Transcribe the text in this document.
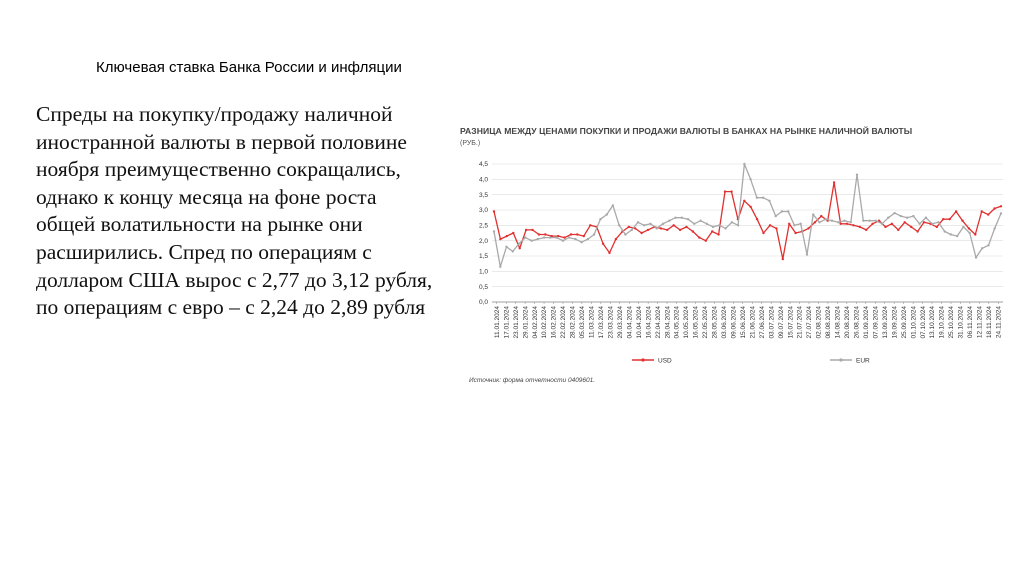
Ключевая ставка Банка России и инфляции
Спреды на покупку/продажу наличной иностранной валюты в первой половине ноября преимущественно сокращались, однако к концу месяца на фоне роста общей волатильности на рынке они расширились. Спред по операциям с долларом США вырос с 2,77 до 3,12 рубля, по операциям с евро – с 2,24 до 2,89 рубля
РАЗНИЦА МЕЖДУ ЦЕНАМИ ПОКУПКИ И ПРОДАЖИ ВАЛЮТЫ В БАНКАХ НА РЫНКЕ НАЛИЧНОЙ ВАЛЮТЫ
(РУБ.)
0,0
0,5
1,0
1,5
2,0
2,5
3,0
3,5
4,0
4,5
11.01.2024 17.01.2024 23.01.2024 29.01.2024 04.02.2024 10.02.2024 16.02.2024 22.02.2024 28.02.2024 05.03.2024 11.03.2024 17.03.2024 23.03.2024 29.03.2024 04.04.2024 10.04.2024 16.04.2024 22.04.2024 28.04.2024 04.05.2024 10.05.2024 16.05.2024 22.05.2024 28.05.2024 03.06.2024 09.06.2024 15.06.2024 21.06.2024 27.06.2024 03.07.2024 09.07.2024 15.07.2024 21.07.2024 27.07.2024 02.08.2024 08.08.2024 14.08.2024 20.08.2024 26.08.2024 01.09.2024 07.09.2024 13.09.2024 19.09.2024 25.09.2024 01.10.2024 07.10.2024 13.10.2024 19.10.2024 25.10.2024 31.10.2024 06.11.2024 12.11.2024 18.11.2024 24.11.2024
USD	EUR
Источник: форма отчетности 0409601.
